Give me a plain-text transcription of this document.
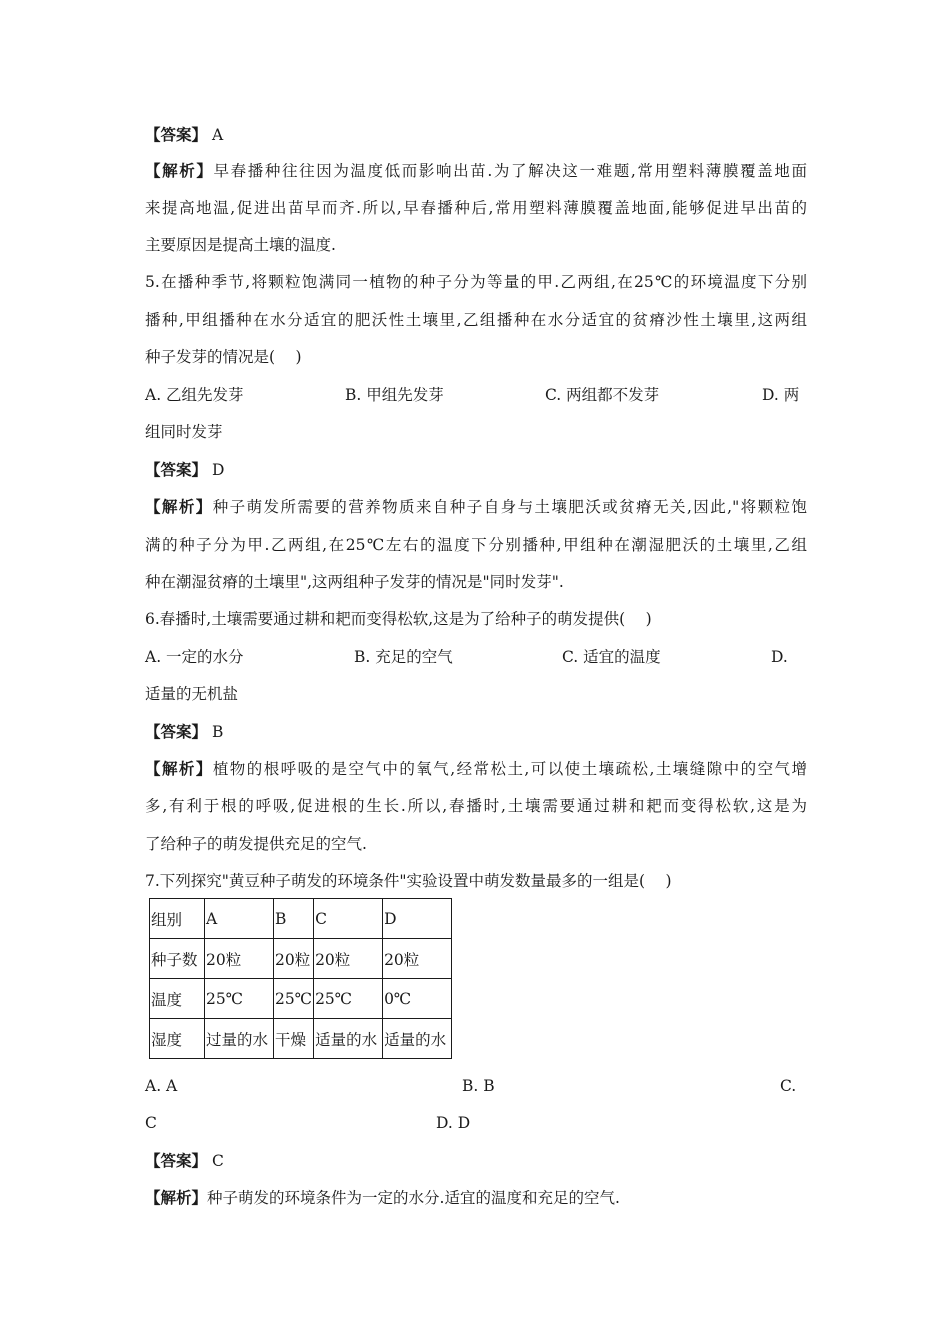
【答案】 A
【解析】早春播种往往因为温度低而影响出苗.为了解决这一难题,常用塑料薄膜覆盖地面
来提高地温,促进出苗早而齐.所以,早春播种后,常用塑料薄膜覆盖地面,能够促进早出苗的
主要原因是提高土壤的温度.
5.在播种季节,将颗粒饱满同一植物的种子分为等量的甲.乙两组,在25℃的环境温度下分别
播种,甲组播种在水分适宜的肥沃性土壤里,乙组播种在水分适宜的贫瘠沙性土壤里,这两组
种子发芽的情况是(　 )
A. 乙组先发芽	B. 甲组先发芽	C. 两组都不发芽	D. 两
组同时发芽
【答案】 D
【解析】种子萌发所需要的营养物质来自种子自身与土壤肥沃或贫瘠无关,因此,"将颗粒饱
满的种子分为甲.乙两组,在25℃左右的温度下分别播种,甲组种在潮湿肥沃的土壤里,乙组
种在潮湿贫瘠的土壤里",这两组种子发芽的情况是"同时发芽".
6.春播时,土壤需要通过耕和耙而变得松软,这是为了给种子的萌发提供(　 )
A. 一定的水分	B. 充足的空气	C. 适宜的温度	D.
适量的无机盐
【答案】 B
【解析】植物的根呼吸的是空气中的氧气,经常松土,可以使土壤疏松,土壤缝隙中的空气增
多,有利于根的呼吸,促进根的生长.所以,春播时,土壤需要通过耕和耙而变得松软,这是为
了给种子的萌发提供充足的空气.
7.下列探究"黄豆种子萌发的环境条件"实验设置中萌发数量最多的一组是(　 )
组别	A	B	C	D
种子数	20粒	20粒	20粒	20粒
温度	25℃	25℃	25℃	0℃
湿度	过量的水	干燥	适量的水	适量的水
A. A	B. B	C.
C	D. D
【答案】 C
【解析】种子萌发的环境条件为一定的水分.适宜的温度和充足的空气.
